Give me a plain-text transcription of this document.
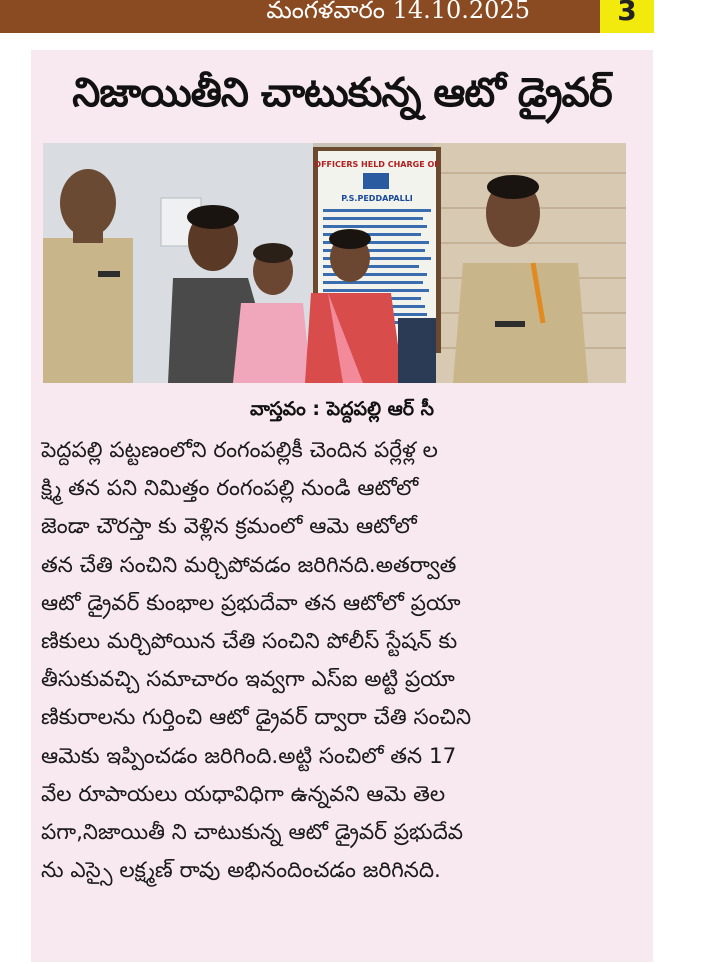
మంగళవారం 14.10.2025	3
నిజాయితీని చాటుకున్న ఆటో డ్రైవర్
OFFICERS HELD CHARGE OF
P.S.PEDDAPALLI
వాస్తవం : పెద్దపల్లి ఆర్ సీ
పెద్దపల్లి పట్టణంలోని రంగంపల్లికీ చెందిన పర్లేళ్ల ల
క్ష్మి తన పని నిమిత్తం రంగంపల్లి నుండి ఆటోలో
జెండా చౌరస్తా కు వెళ్లిన క్రమంలో ఆమె ఆటోలో
తన చేతి సంచిని మర్చిపోవడం జరిగినది.అతర్వాత
ఆటో డ్రైవర్ కుంభాల ప్రభుదేవా తన ఆటోలో ప్రయా
ణికులు మర్చిపోయిన చేతి సంచిని పోలీస్ స్టేషన్ కు
తీసుకువచ్చి సమాచారం ఇవ్వగా ఎస్ఐ అట్టి ప్రయా
ణికురాలను గుర్తించి ఆటో డ్రైవర్ ద్వారా చేతి సంచిని
ఆమెకు ఇప్పించడం జరిగింది.అట్టి సంచిలో తన 17
వేల రూపాయలు యధావిధిగా ఉన్నవని ఆమె తెల
పగా,నిజాయితీ ని చాటుకున్న ఆటో డ్రైవర్ ప్రభుదేవ
ను ఎస్సై లక్ష్మణ్ రావు అభినందించడం జరిగినది.
